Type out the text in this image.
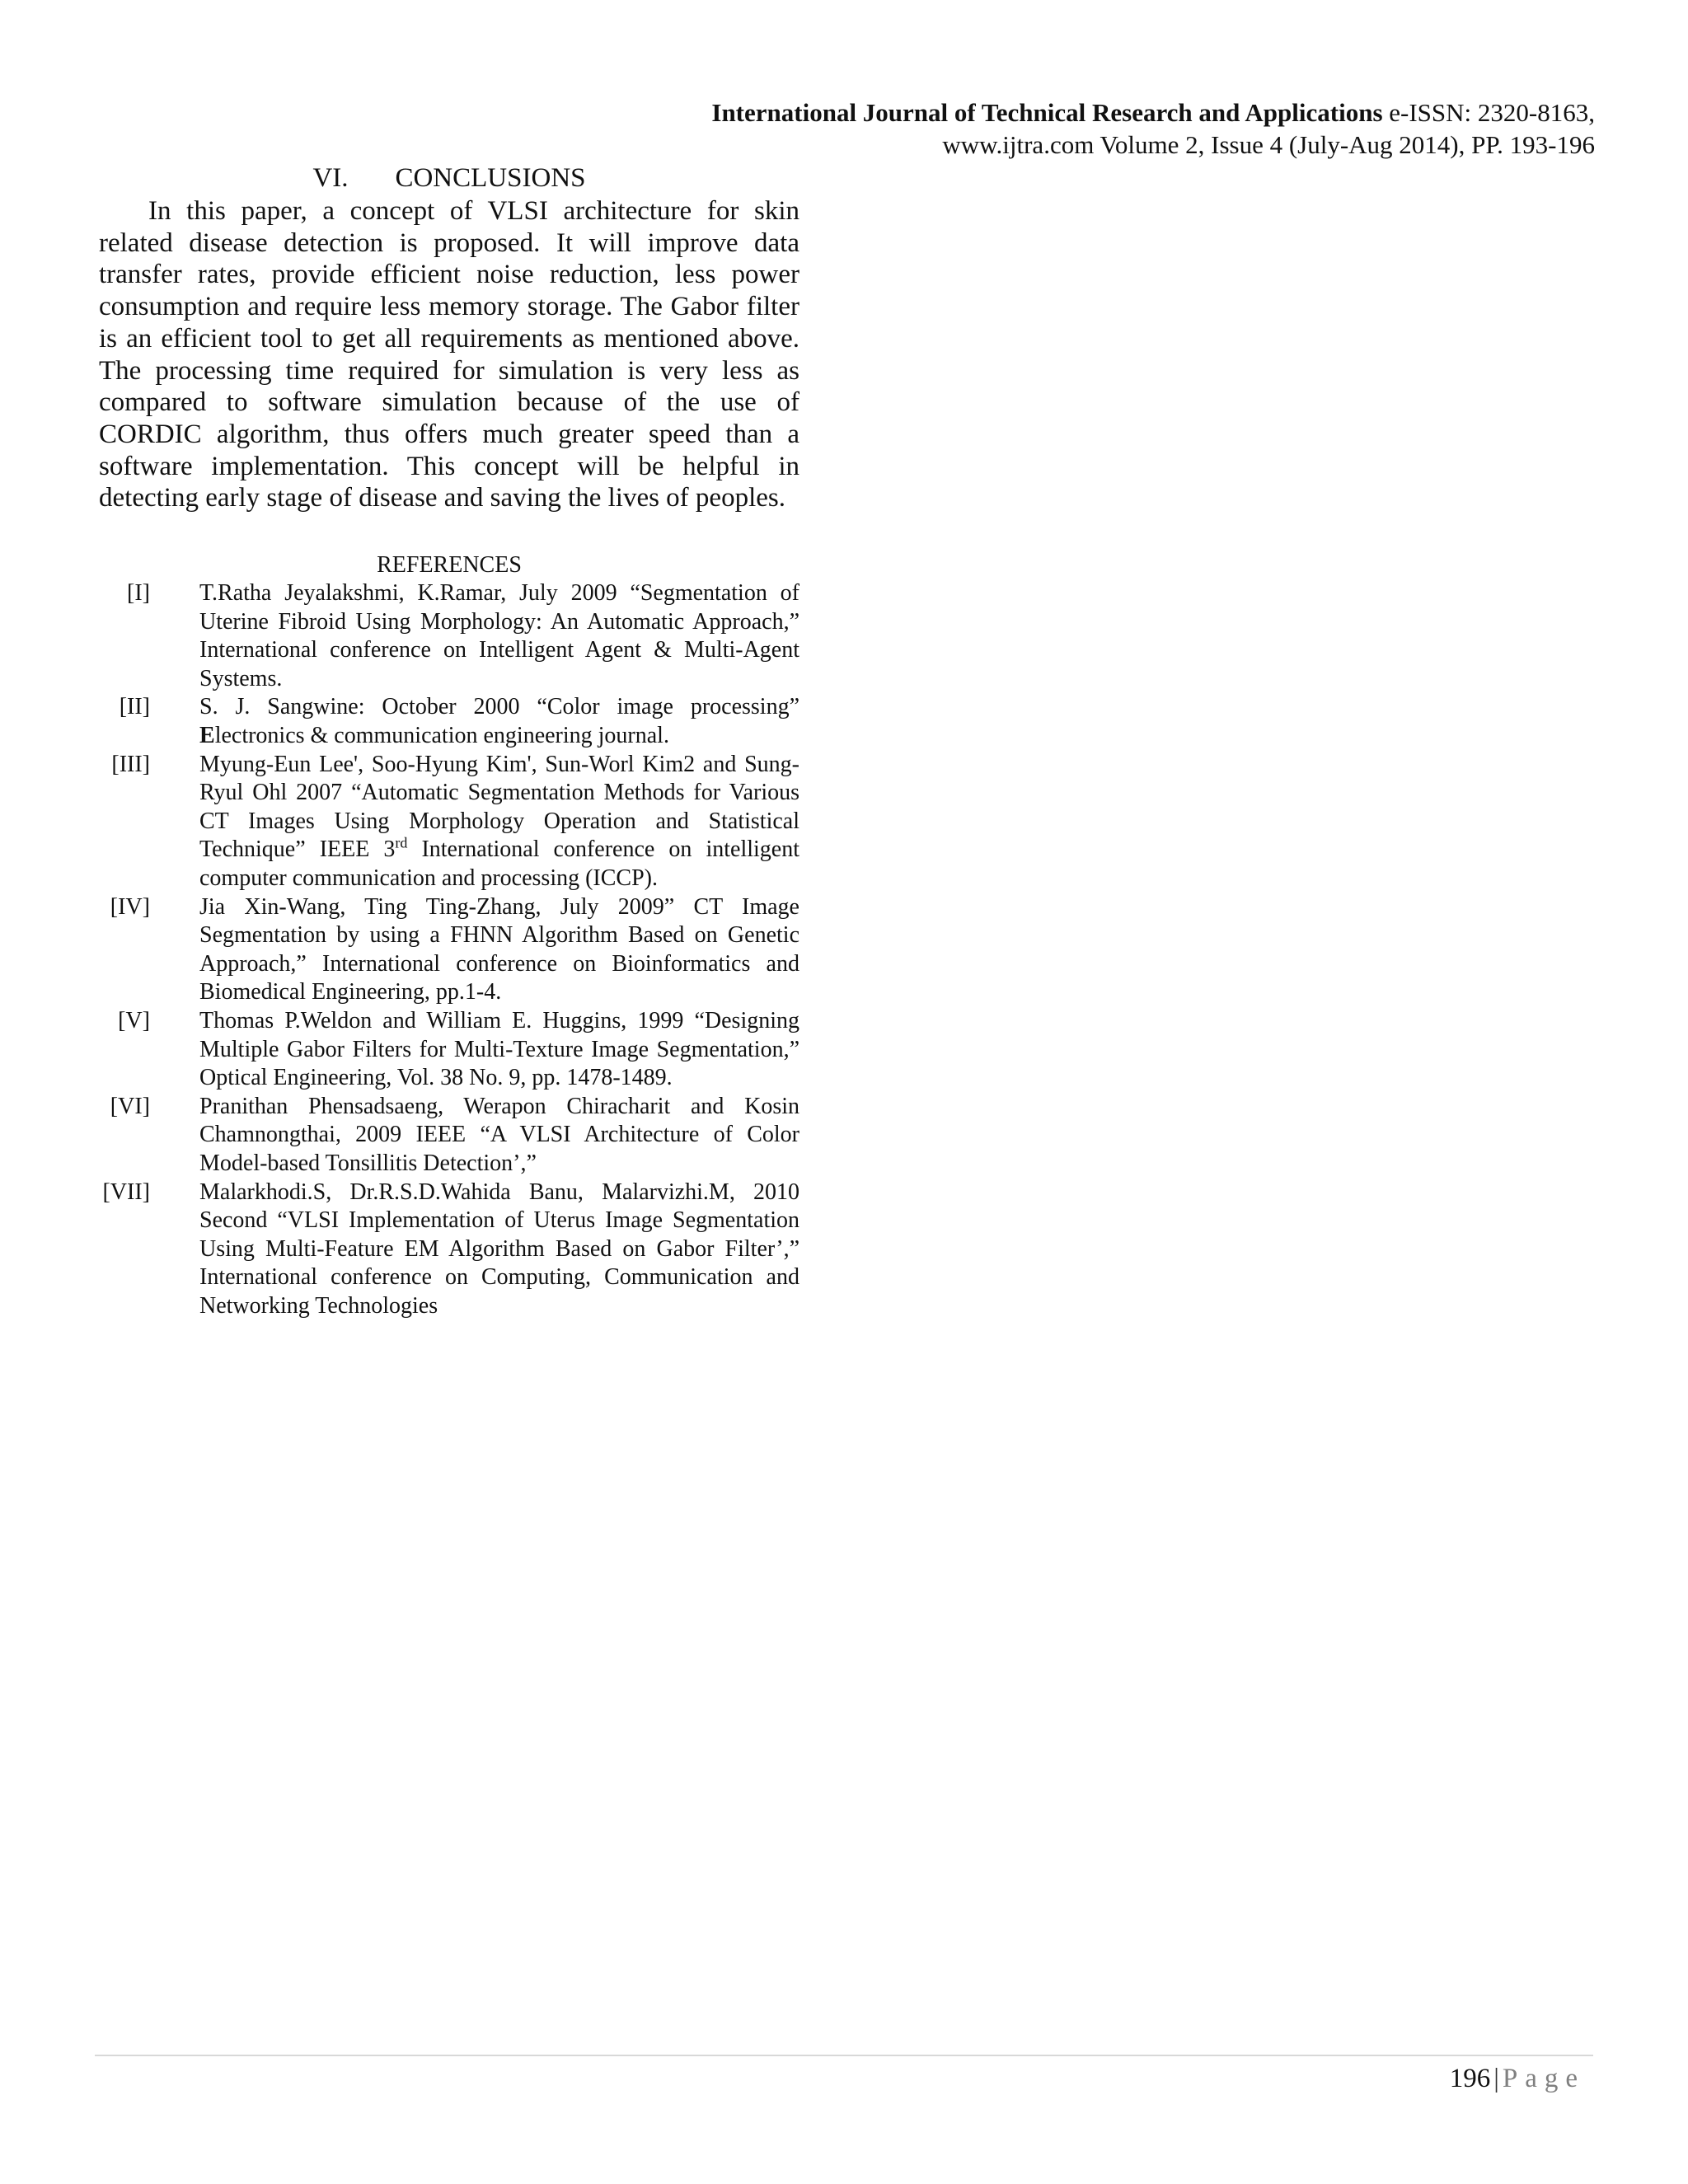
International Journal of Technical Research and Applications e-ISSN: 2320-8163,
www.ijtra.com Volume 2, Issue 4 (July-Aug 2014), PP. 193-196
VI. CONCLUSIONS

In this paper, a concept of VLSI architecture for skin related disease detection is proposed. It will improve data transfer rates, provide efficient noise reduction, less power consumption and require less memory storage. The Gabor filter is an efficient tool to get all requirements as mentioned above. The processing time required for simulation is very less as compared to software simulation because of the use of CORDIC algorithm, thus offers much greater speed than a software implementation. This concept will be helpful in detecting early stage of disease and saving the lives of peoples.

REFERENCES
[I] T.Ratha Jeyalakshmi, K.Ramar, July 2009 “Segmentation of Uterine Fibroid Using Morphology: An Automatic Approach,” International conference on Intelligent Agent & Multi-Agent Systems.
[II] S. J. Sangwine: October 2000 “Color image processing” Electronics & communication engineering journal.
[III] Myung-Eun Lee', Soo-Hyung Kim', Sun-Worl Kim2 and Sung-Ryul Ohl 2007 “Automatic Segmentation Methods for Various CT Images Using Morphology Operation and Statistical Technique” IEEE 3rd International conference on intelligent computer communication and processing (ICCP).
[IV] Jia Xin-Wang, Ting Ting-Zhang, July 2009” CT Image Segmentation by using a FHNN Algorithm Based on Genetic Approach,” International conference on Bioinformatics and Biomedical Engineering, pp.1-4.
[V] Thomas P.Weldon and William E. Huggins, 1999 “Designing Multiple Gabor Filters for Multi-Texture Image Segmentation,” Optical Engineering, Vol. 38 No. 9, pp. 1478-1489.
[VI] Pranithan Phensadsaeng, Werapon Chiracharit and Kosin Chamnongthai, 2009 IEEE “A VLSI Architecture of Color Model-based Tonsillitis Detection’,”
[VII] Malarkhodi.S, Dr.R.S.D.Wahida Banu, Malarvizhi.M, 2010 Second “VLSI Implementation of Uterus Image Segmentation Using Multi-Feature EM Algorithm Based on Gabor Filter’,” International conference on Computing, Communication and Networking Technologies
196 | Page
